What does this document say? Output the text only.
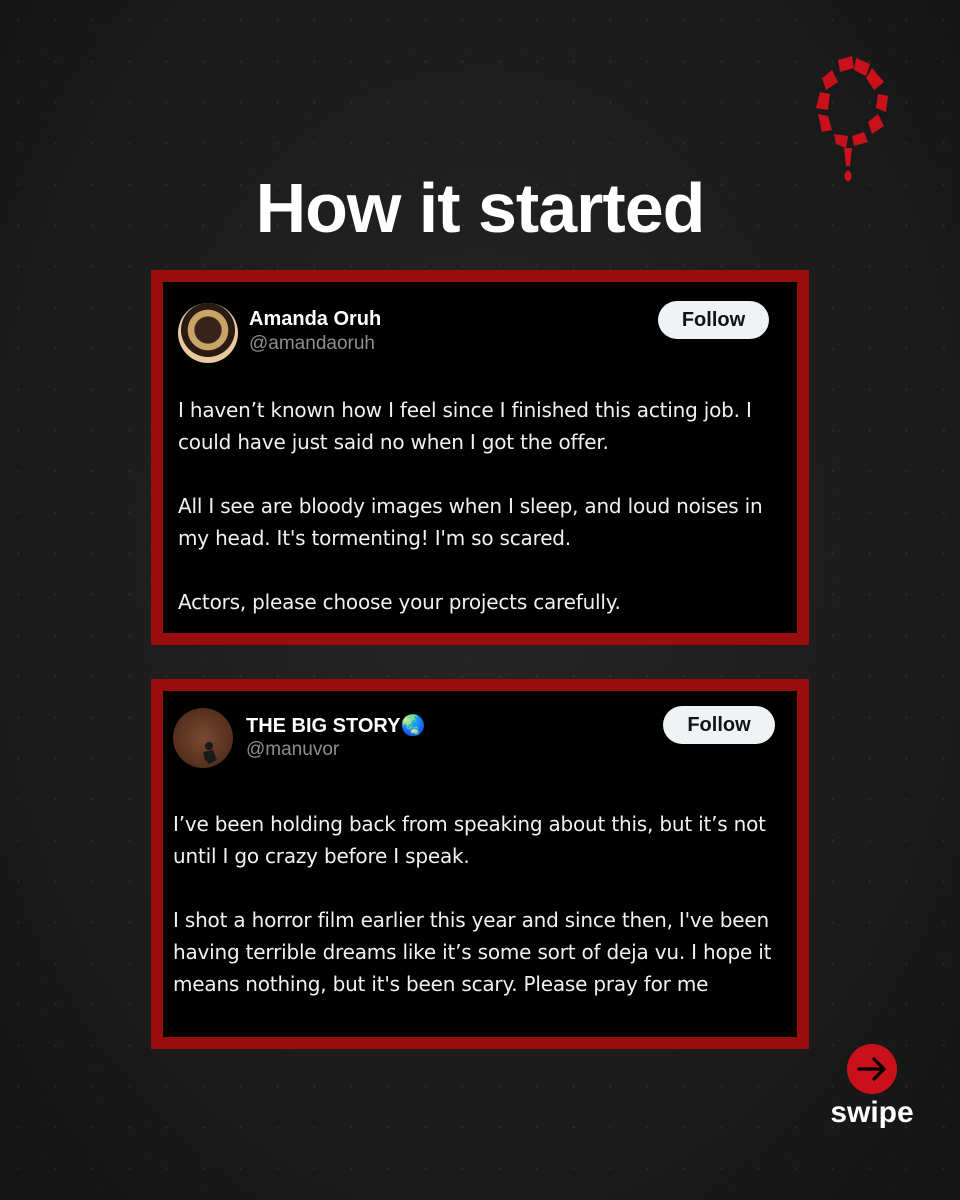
How it started
Amanda Oruh
@amandaoruh
Follow

I haven’t known how I feel since I finished this acting job. I could have just said no when I got the offer.

All I see are bloody images when I sleep, and loud noises in my head. It's tormenting! I'm so scared.

Actors, please choose your projects carefully.

THE BIG STORY🌏
@manuvor
Follow

I’ve been holding back from speaking about this, but it’s not until I go crazy before I speak.

I shot a horror film earlier this year and since then, I've been having terrible dreams like it’s some sort of deja vu. I hope it means nothing, but it's been scary. Please pray for me

swipe
